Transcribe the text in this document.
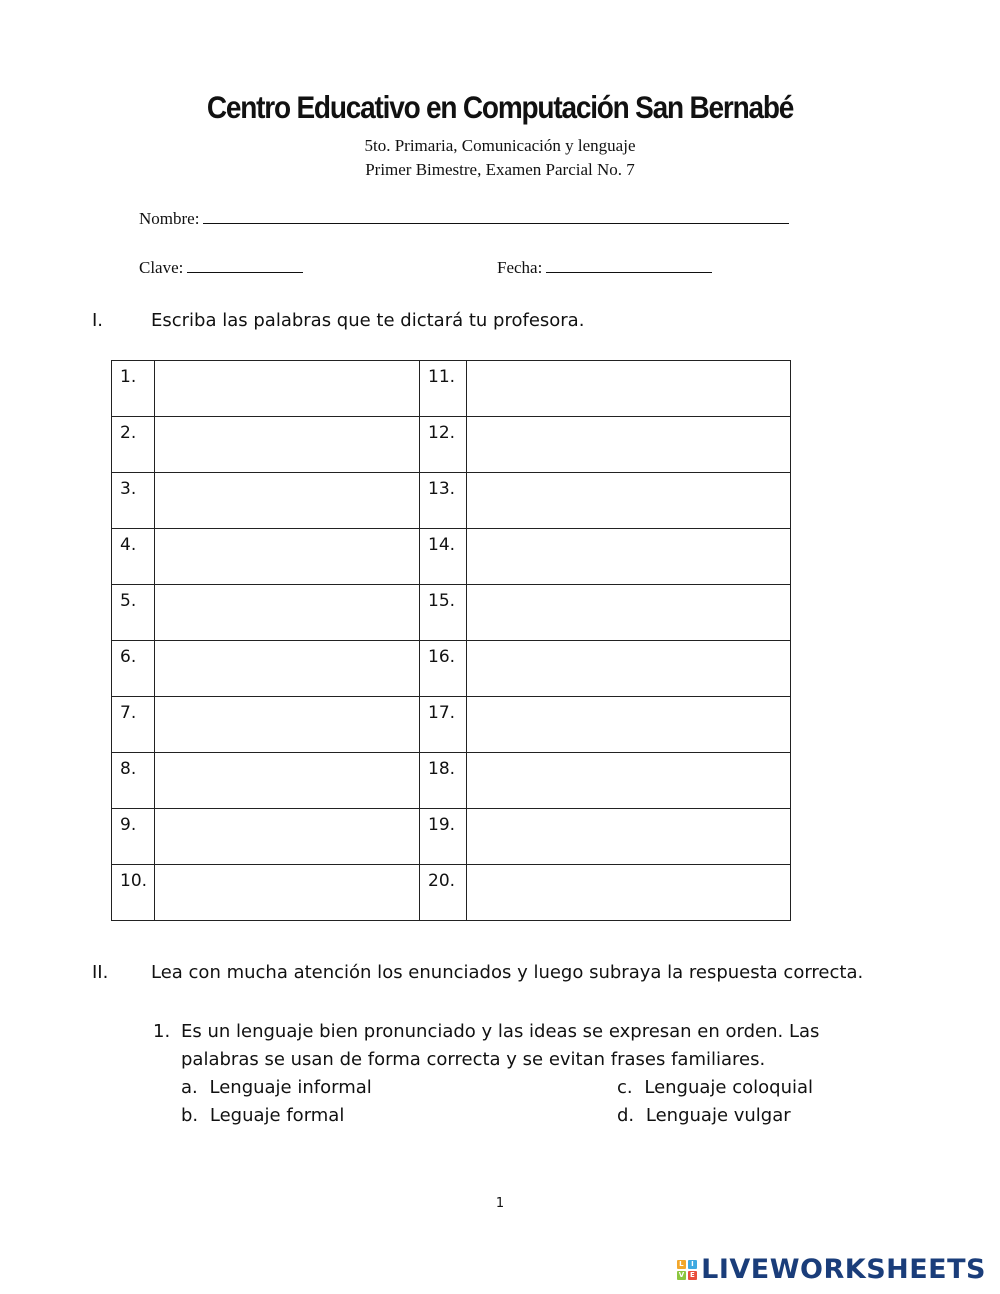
Centro Educativo en Computación San Bernabé
5to. Primaria, Comunicación y lenguaje
Primer Bimestre, Examen Parcial No. 7
Nombre:
Clave:	Fecha:
I.	Escriba las palabras que te dictará tu profesora.
1.		11.	

2.		12.	

3.		13.	

4.		14.	

5.		15.	

6.		16.	

7.		17.	

8.		18.	

9.		19.	

10.		20.	

II. Lea con mucha atención los enunciados y luego subraya la respuesta correcta.
1. Es un lenguaje bien pronunciado y las ideas se expresan en orden. Las
palabras se usan de forma correcta y se evitan frases familiares.
a. Lenguaje informal
b. Leguaje formal
c. Lenguaje coloquial
d. Lenguaje vulgar
1
L I
V E LIVEWORKSHEETS
